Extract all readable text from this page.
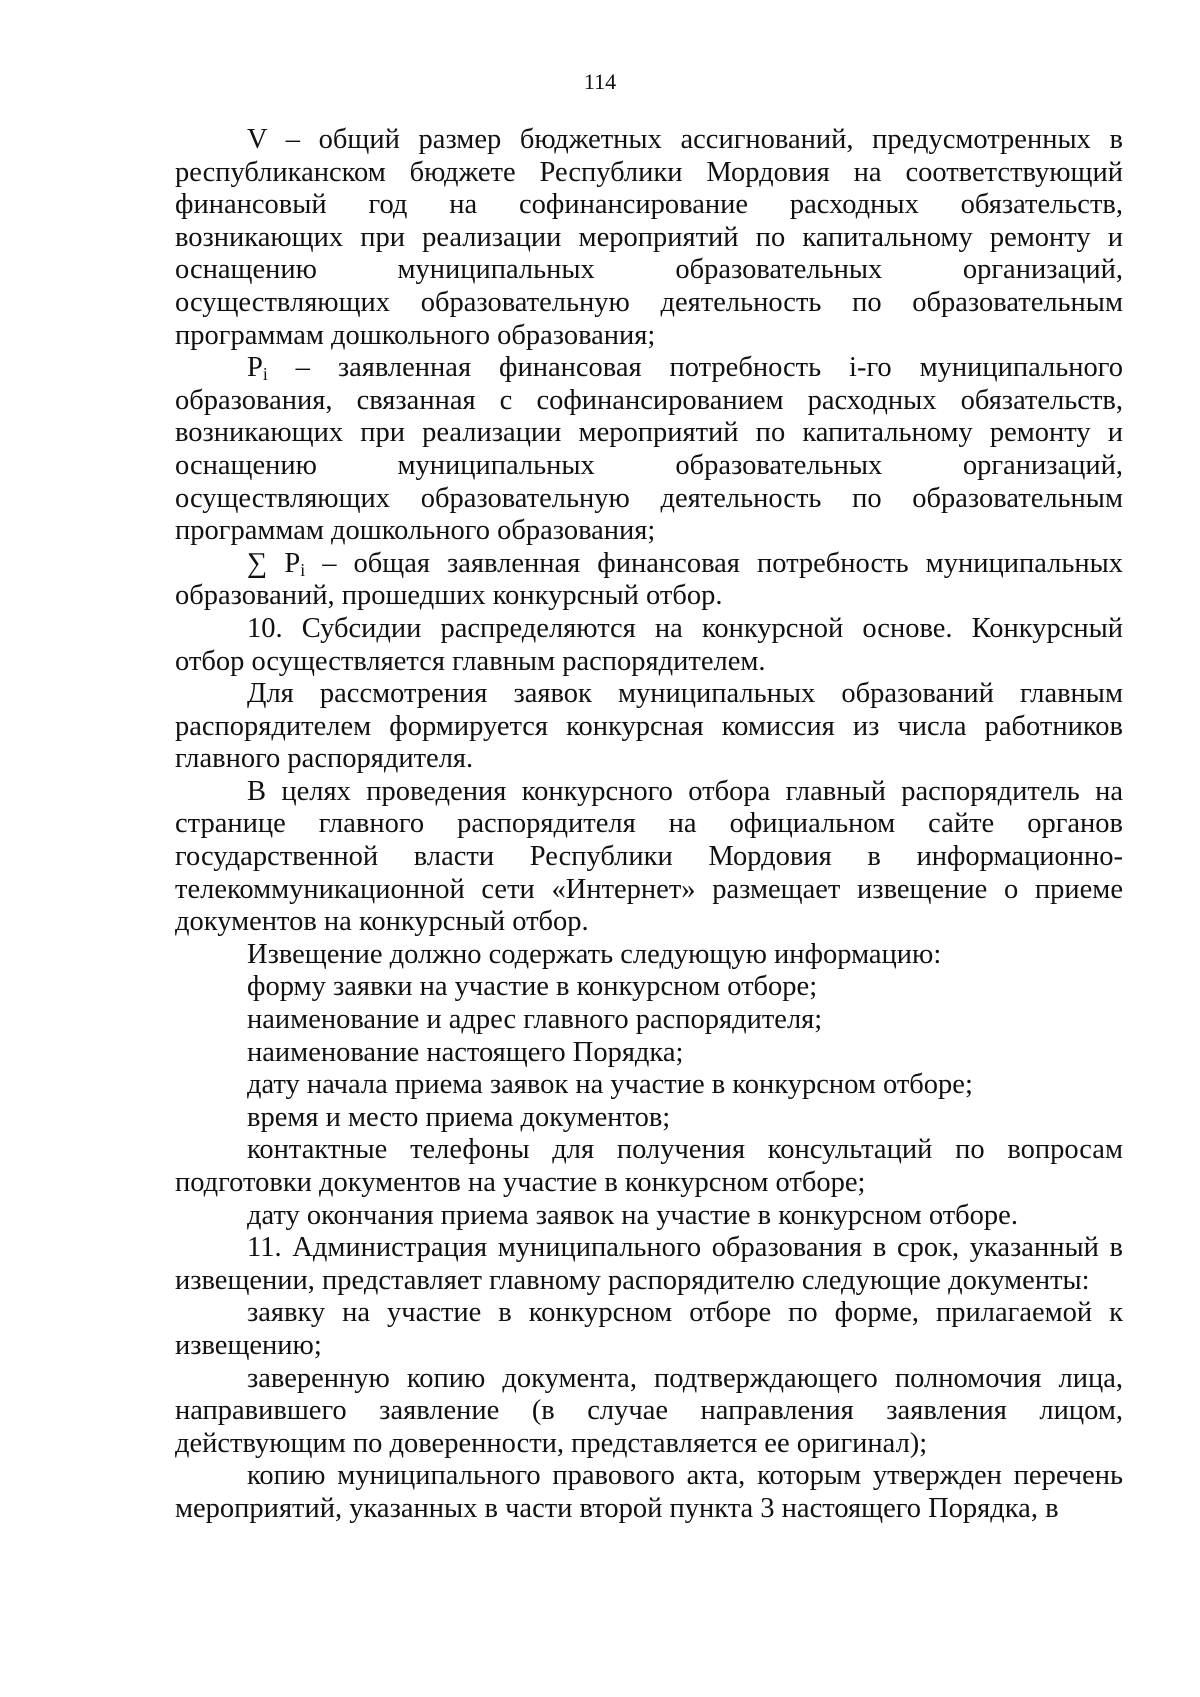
114

V – общий размер бюджетных ассигнований, предусмотренных в республиканском бюджете Республики Мордовия на соответствующий финансовый год на софинансирование расходных обязательств, возникающих при реализации мероприятий по капитальному ремонту и оснащению муниципальных образовательных организаций, осуществляющих образовательную деятельность по образовательным программам дошкольного образования;

$P_i$ – заявленная финансовая потребность i-го муниципального образования, связанная с софинансированием расходных обязательств, возникающих при реализации мероприятий по капитальному ремонту и оснащению муниципальных образовательных организаций, осуществляющих образовательную деятельность по образовательным программам дошкольного образования;

∑ $P_i$ – общая заявленная финансовая потребность муниципальных образований, прошедших конкурсный отбор.

10. Субсидии распределяются на конкурсной основе. Конкурсный отбор осуществляется главным распорядителем.

Для рассмотрения заявок муниципальных образований главным распорядителем формируется конкурсная комиссия из числа работников главного распорядителя.

В целях проведения конкурсного отбора главный распорядитель на странице главного распорядителя на официальном сайте органов государственной власти Республики Мордовия в информационно-телекоммуникационной сети «Интернет» размещает извещение о приеме документов на конкурсный отбор.

Извещение должно содержать следующую информацию:

форму заявки на участие в конкурсном отборе;

наименование и адрес главного распорядителя;

наименование настоящего Порядка;

дату начала приема заявок на участие в конкурсном отборе;

время и место приема документов;

контактные телефоны для получения консультаций по вопросам подготовки документов на участие в конкурсном отборе;

дату окончания приема заявок на участие в конкурсном отборе.

11. Администрация муниципального образования в срок, указанный в извещении, представляет главному распорядителю следующие документы:

заявку на участие в конкурсном отборе по форме, прилагаемой к извещению;

заверенную копию документа, подтверждающего полномочия лица, направившего заявление (в случае направления заявления лицом, действующим по доверенности, представляется ее оригинал);

копию муниципального правового акта, которым утвержден перечень мероприятий, указанных в части второй пункта 3 настоящего Порядка, в
